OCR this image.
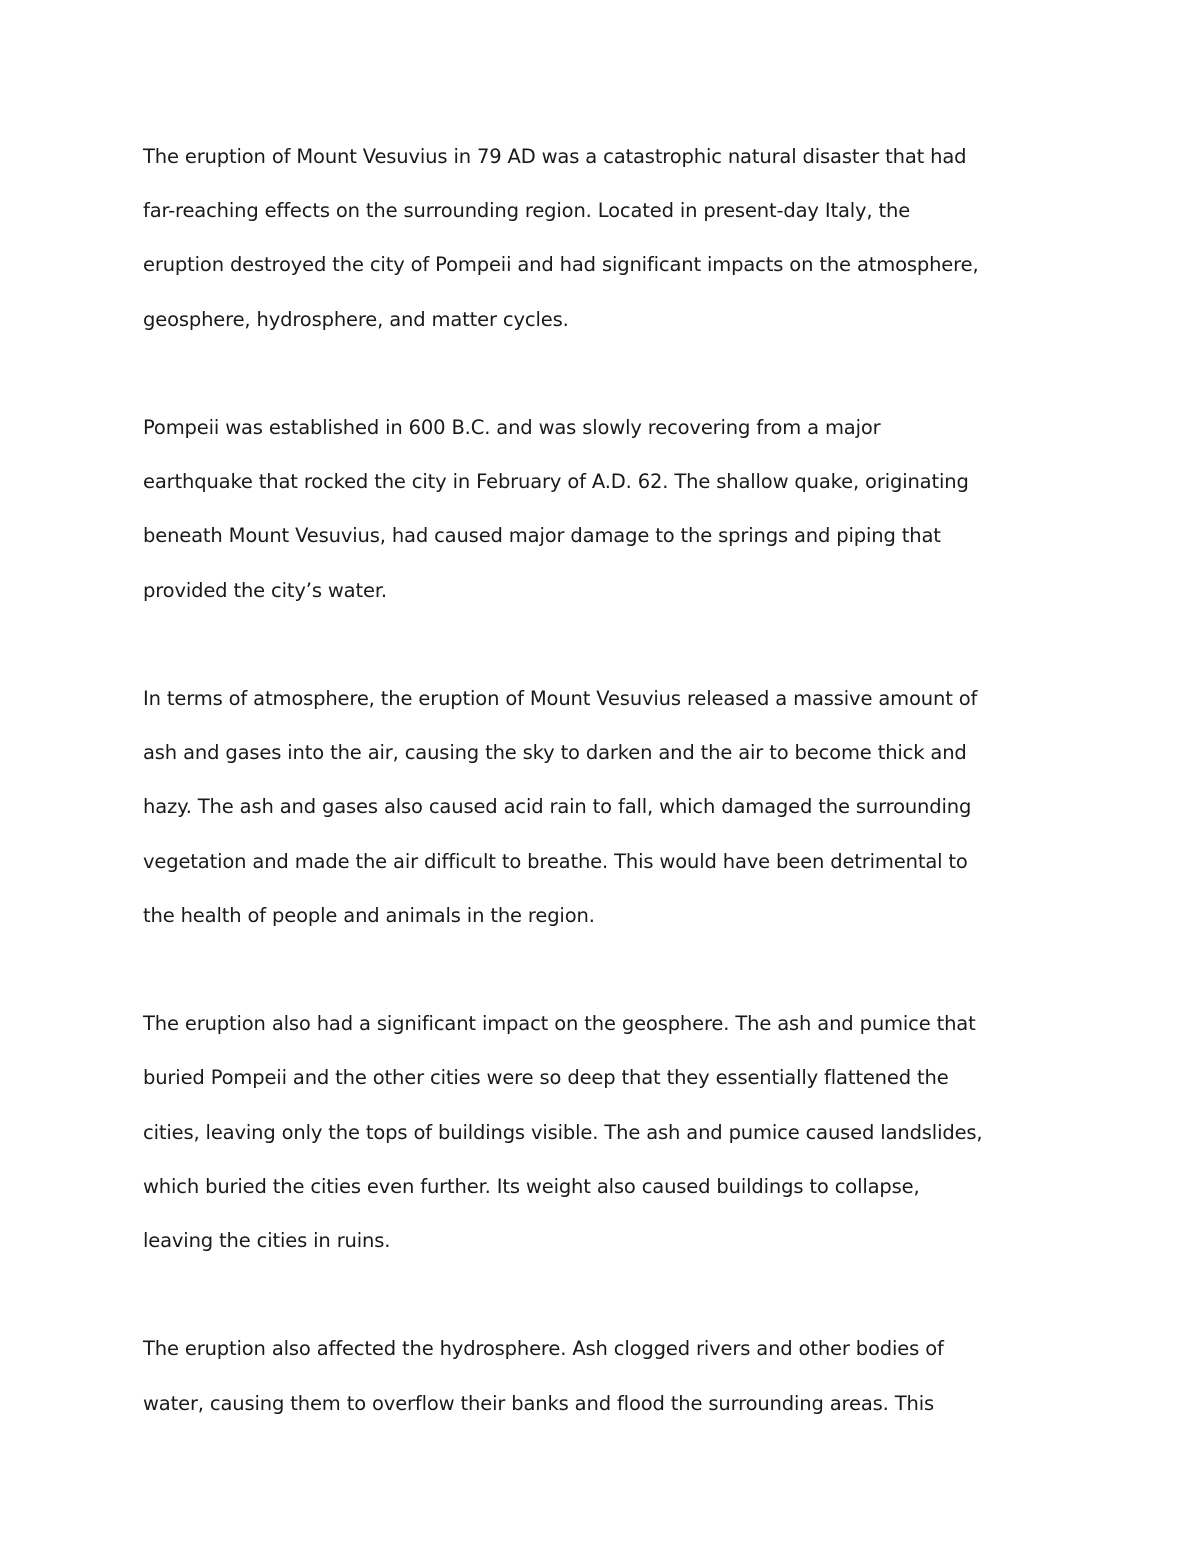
The eruption of Mount Vesuvius in 79 AD was a catastrophic natural disaster that had
far-reaching effects on the surrounding region. Located in present-day Italy, the
eruption destroyed the city of Pompeii and had significant impacts on the atmosphere,
geosphere, hydrosphere, and matter cycles.

Pompeii was established in 600 B.C. and was slowly recovering from a major
earthquake that rocked the city in February of A.D. 62. The shallow quake, originating
beneath Mount Vesuvius, had caused major damage to the springs and piping that
provided the city’s water.

In terms of atmosphere, the eruption of Mount Vesuvius released a massive amount of
ash and gases into the air, causing the sky to darken and the air to become thick and
hazy. The ash and gases also caused acid rain to fall, which damaged the surrounding
vegetation and made the air difficult to breathe. This would have been detrimental to
the health of people and animals in the region.

The eruption also had a significant impact on the geosphere. The ash and pumice that
buried Pompeii and the other cities were so deep that they essentially flattened the
cities, leaving only the tops of buildings visible. The ash and pumice caused landslides,
which buried the cities even further. Its weight also caused buildings to collapse,
leaving the cities in ruins.

The eruption also affected the hydrosphere. Ash clogged rivers and other bodies of
water, causing them to overflow their banks and flood the surrounding areas. This
